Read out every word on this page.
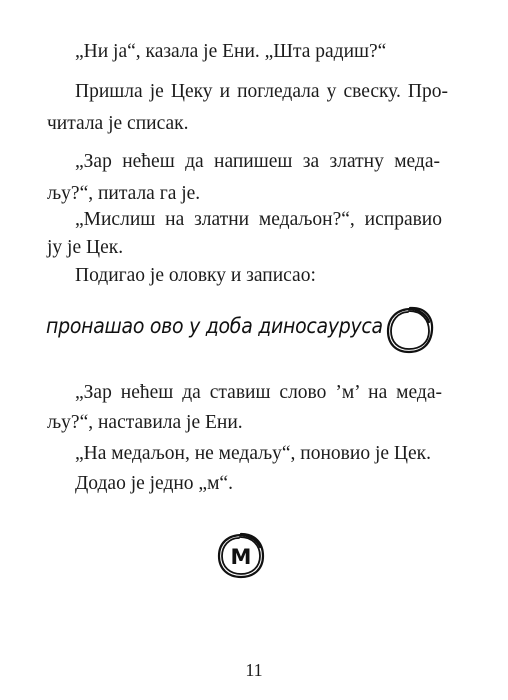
„Ни ја“, казала је Ени. „Шта радиш?“
Пришла је Цеку и погледала у свеску. Про-
читала је списак.
„Зар нећеш да напишеш за златну меда-
љу?“, питала га је.
„Мислиш на златни медаљон?“, исправио
ју је Цек.
Подигао је оловку и записао:
пронашао ово у доба диносауруса
„Зар нећеш да ставиш слово ’м’ на меда-
љу?“, наставила је Ени.
„На медаљон, не медаљу“, поновио је Цек.
Додао је једно „м“.
M
11
